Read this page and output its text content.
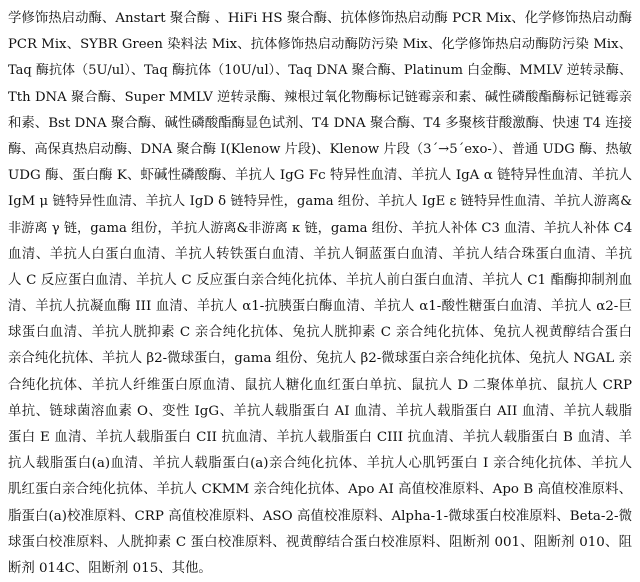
学修饰热启动酶、Anstart 聚合酶 、HiFi HS 聚合酶、抗体修饰热启动酶 PCR Mix、化学修饰热启动酶
PCR Mix、SYBR Green 染料法 Mix、抗体修饰热启动酶防污染 Mix、化学修饰热启动酶防污染 Mix、
Taq 酶抗体（5U/ul）、Taq 酶抗体（10U/ul）、Taq DNA 聚合酶、Platinum 白金酶、MMLV 逆转录酶、
Tth DNA 聚合酶、Super MMLV 逆转录酶、辣根过氧化物酶标记链霉亲和素、碱性磷酸酯酶标记链霉亲
和素、Bst DNA 聚合酶、碱性磷酸酯酶显色试剂、T4 DNA 聚合酶、T4 多聚核苷酸激酶、快速 T4 连接
酶、高保真热启动酶、DNA 聚合酶 I(Klenow 片段)、Klenow 片段（3´→5´exo-）、普通 UDG 酶、热敏
UDG 酶、蛋白酶 K、虾碱性磷酸酶、羊抗人 IgG Fc 特异性血清、羊抗人 IgA α 链特异性血清、羊抗人
IgM μ 链特异性血清、羊抗人 IgD δ 链特异性，gama 组份、羊抗人 IgE ε 链特异性血清、羊抗人游离&
非游离 γ 链，gama 组份，羊抗人游离&非游离 κ 链，gama 组份、羊抗人补体 C3 血清、羊抗人补体 C4
血清、羊抗人白蛋白血清、羊抗人转铁蛋白血清、羊抗人铜蓝蛋白血清、羊抗人结合珠蛋白血清、羊抗
人 C 反应蛋白血清、羊抗人 C 反应蛋白亲合纯化抗体、羊抗人前白蛋白血清、羊抗人 C1 酯酶抑制剂血
清、羊抗人抗凝血酶 III 血清、羊抗人 α1-抗胰蛋白酶血清、羊抗人 α1-酸性糖蛋白血清、羊抗人 α2-巨
球蛋白血清、羊抗人胱抑素 C 亲合纯化抗体、兔抗人胱抑素 C 亲合纯化抗体、兔抗人视黄醇结合蛋白
亲合纯化抗体、羊抗人 β2-微球蛋白，gama 组份、兔抗人 β2-微球蛋白亲合纯化抗体、兔抗人 NGAL 亲
合纯化抗体、羊抗人纤维蛋白原血清、鼠抗人糖化血红蛋白单抗、鼠抗人 D 二聚体单抗、鼠抗人 CRP
单抗、链球菌溶血素 O、变性 IgG、羊抗人载脂蛋白 AI 血清、羊抗人载脂蛋白 AII 血清、羊抗人载脂
蛋白 E 血清、羊抗人载脂蛋白 CII 抗血清、羊抗人载脂蛋白 CIII 抗血清、羊抗人载脂蛋白 B 血清、羊
抗人载脂蛋白(a)血清、羊抗人载脂蛋白(a)亲合纯化抗体、羊抗人心肌钙蛋白 I 亲合纯化抗体、羊抗人
肌红蛋白亲合纯化抗体、羊抗人 CKMM 亲合纯化抗体、Apo AI 高值校准原料、Apo B 高值校准原料、
脂蛋白(a)校准原料、CRP 高值校准原料、ASO 高值校准原料、Alpha-1-微球蛋白校准原料、Beta-2-微
球蛋白校准原料、人胱抑素 C 蛋白校准原料、视黄醇结合蛋白校准原料、阻断剂 001、阻断剂 010、阻
断剂 014C、阻断剂 015、其他。
